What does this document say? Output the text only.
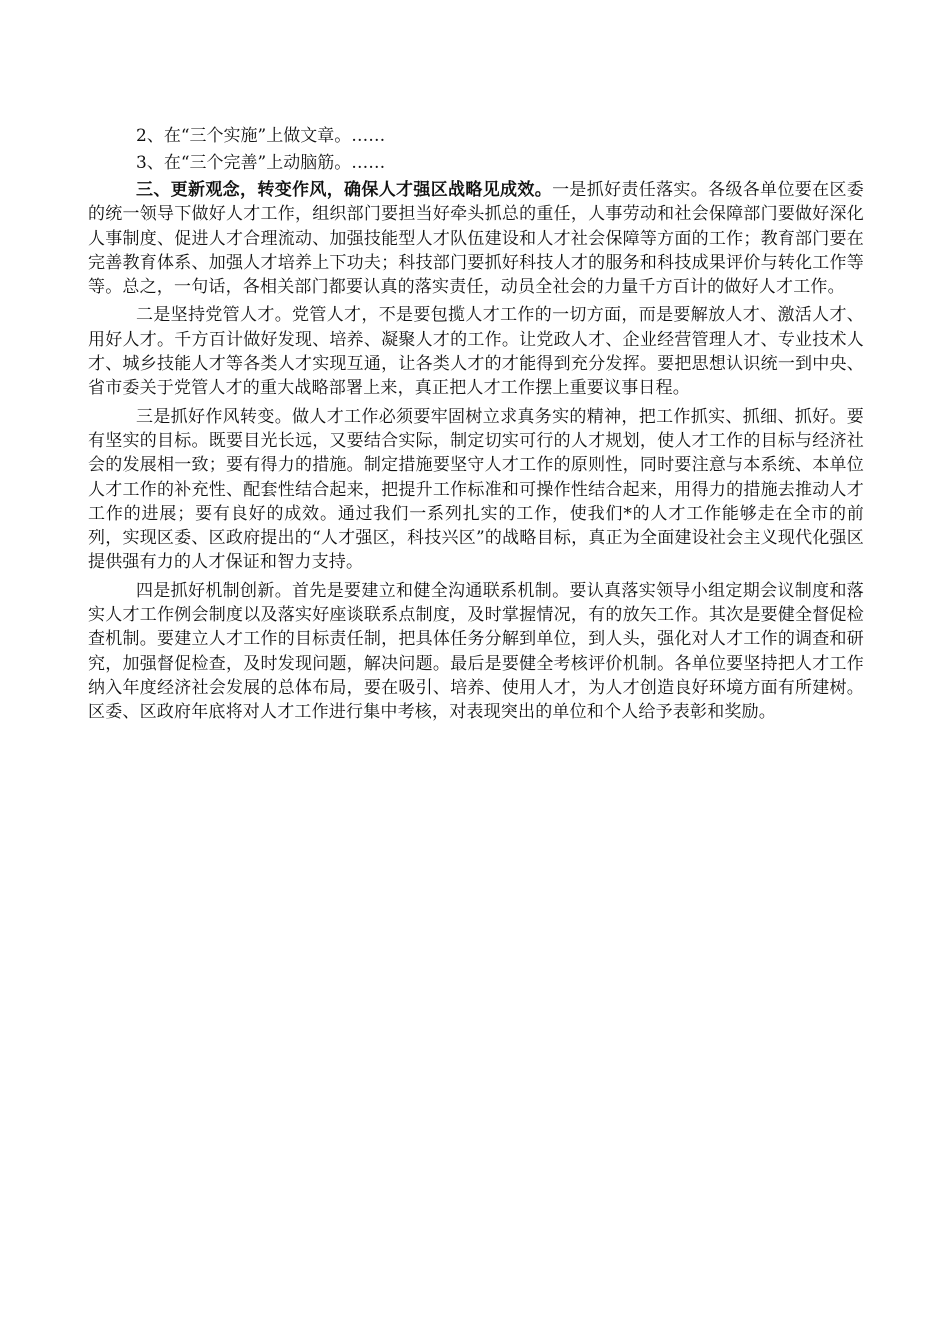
2、在“三个实施”上做文章。……

3、在“三个完善”上动脑筋。……

三、更新观念，转变作风，确保人才强区战略见成效。一是抓好责任落实。各级各单位要在区委的统一领导下做好人才工作，组织部门要担当好牵头抓总的重任，人事劳动和社会保障部门要做好深化人事制度、促进人才合理流动、加强技能型人才队伍建设和人才社会保障等方面的工作；教育部门要在完善教育体系、加强人才培养上下功夫；科技部门要抓好科技人才的服务和科技成果评价与转化工作等等。总之，一句话，各相关部门都要认真的落实责任，动员全社会的力量千方百计的做好人才工作。

二是坚持党管人才。党管人才，不是要包揽人才工作的一切方面，而是要解放人才、激活人才、用好人才。千方百计做好发现、培养、凝聚人才的工作。让党政人才、企业经营管理人才、专业技术人才、城乡技能人才等各类人才实现互通，让各类人才的才能得到充分发挥。要把思想认识统一到中央、省市委关于党管人才的重大战略部署上来，真正把人才工作摆上重要议事日程。

三是抓好作风转变。做人才工作必须要牢固树立求真务实的精神，把工作抓实、抓细、抓好。要有坚实的目标。既要目光长远，又要结合实际，制定切实可行的人才规划，使人才工作的目标与经济社会的发展相一致；要有得力的措施。制定措施要坚守人才工作的原则性，同时要注意与本系统、本单位人才工作的补充性、配套性结合起来，把提升工作标准和可操作性结合起来，用得力的措施去推动人才工作的进展；要有良好的成效。通过我们一系列扎实的工作，使我们*的人才工作能够走在全市的前列，实现区委、区政府提出的“人才强区，科技兴区”的战略目标，真正为全面建设社会主义现代化强区提供强有力的人才保证和智力支持。

四是抓好机制创新。首先是要建立和健全沟通联系机制。要认真落实领导小组定期会议制度和落实人才工作例会制度以及落实好座谈联系点制度，及时掌握情况，有的放矢工作。其次是要健全督促检查机制。要建立人才工作的目标责任制，把具体任务分解到单位，到人头，强化对人才工作的调查和研究，加强督促检查，及时发现问题，解决问题。最后是要健全考核评价机制。各单位要坚持把人才工作纳入年度经济社会发展的总体布局，要在吸引、培养、使用人才，为人才创造良好环境方面有所建树。区委、区政府年底将对人才工作进行集中考核，对表现突出的单位和个人给予表彰和奖励。
